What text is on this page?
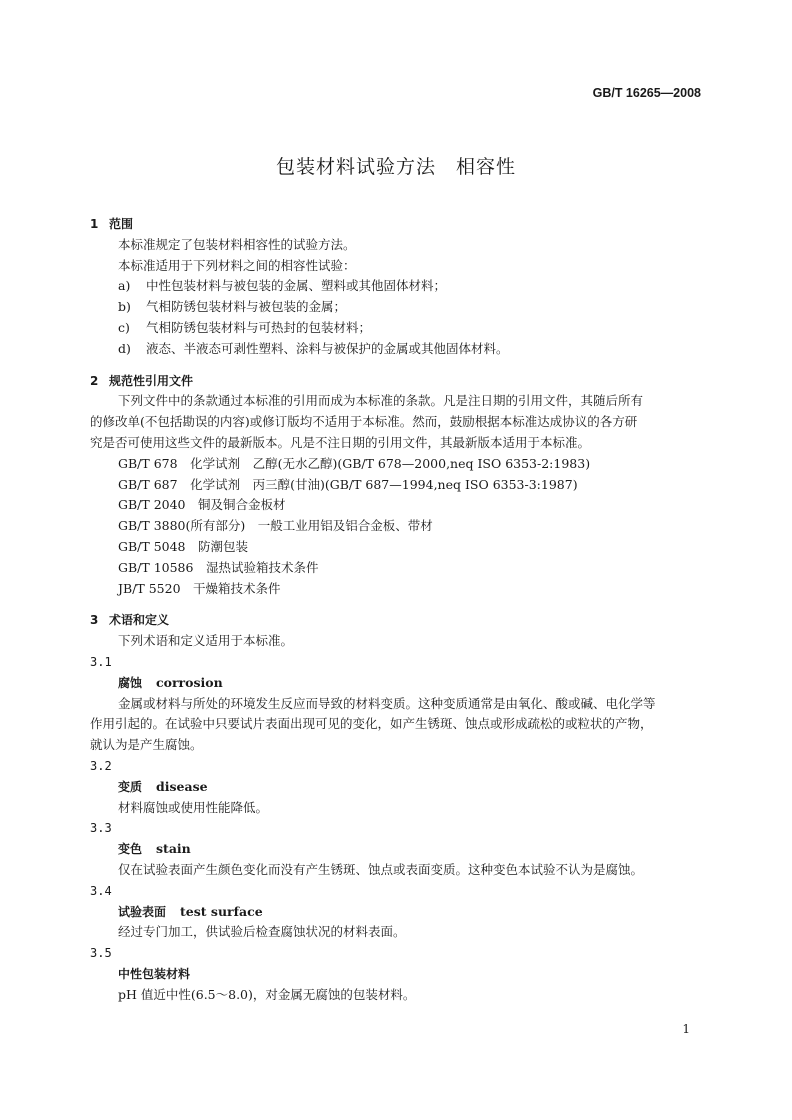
GB/T 16265—2008
包装材料试验方法　相容性
1 范围
本标准规定了包装材料相容性的试验方法。
本标准适用于下列材料之间的相容性试验：
a) 中性包装材料与被包装的金属、塑料或其他固体材料；
b) 气相防锈包装材料与被包装的金属；
c) 气相防锈包装材料与可热封的包装材料；
d) 液态、半液态可剥性塑料、涂料与被保护的金属或其他固体材料。
2 规范性引用文件
下列文件中的条款通过本标准的引用而成为本标准的条款。凡是注日期的引用文件，其随后所有
的修改单(不包括勘误的内容)或修订版均不适用于本标准。然而，鼓励根据本标准达成协议的各方研
究是否可使用这些文件的最新版本。凡是不注日期的引用文件，其最新版本适用于本标准。
GB/T 678　 化学试剂　乙醇(无水乙醇)(GB/T 678—2000,neq ISO 6353-2:1983)
GB/T 687　 化学试剂　丙三醇(甘油)(GB/T 687—1994,neq ISO 6353-3:1987)
GB/T 2040　 铜及铜合金板材
GB/T 3880(所有部分)　 一般工业用铝及铝合金板、带材
GB/T 5048　 防潮包装
GB/T 10586　 湿热试验箱技术条件
JB/T 5520　 干燥箱技术条件
3 术语和定义
下列术语和定义适用于本标准。
3.1
腐蚀 corrosion
金属或材料与所处的环境发生反应而导致的材料变质。这种变质通常是由氧化、酸或碱、电化学等
作用引起的。在试验中只要试片表面出现可见的变化，如产生锈斑、蚀点或形成疏松的或粒状的产物，
就认为是产生腐蚀。
3.2
变质 disease
材料腐蚀或使用性能降低。
3.3
变色 stain
仅在试验表面产生颜色变化而没有产生锈斑、蚀点或表面变质。这种变色本试验不认为是腐蚀。
3.4
试验表面 test surface
经过专门加工，供试验后检查腐蚀状况的材料表面。
3.5
中性包装材料
pH 值近中性(6.5～8.0)，对金属无腐蚀的包装材料。
1
